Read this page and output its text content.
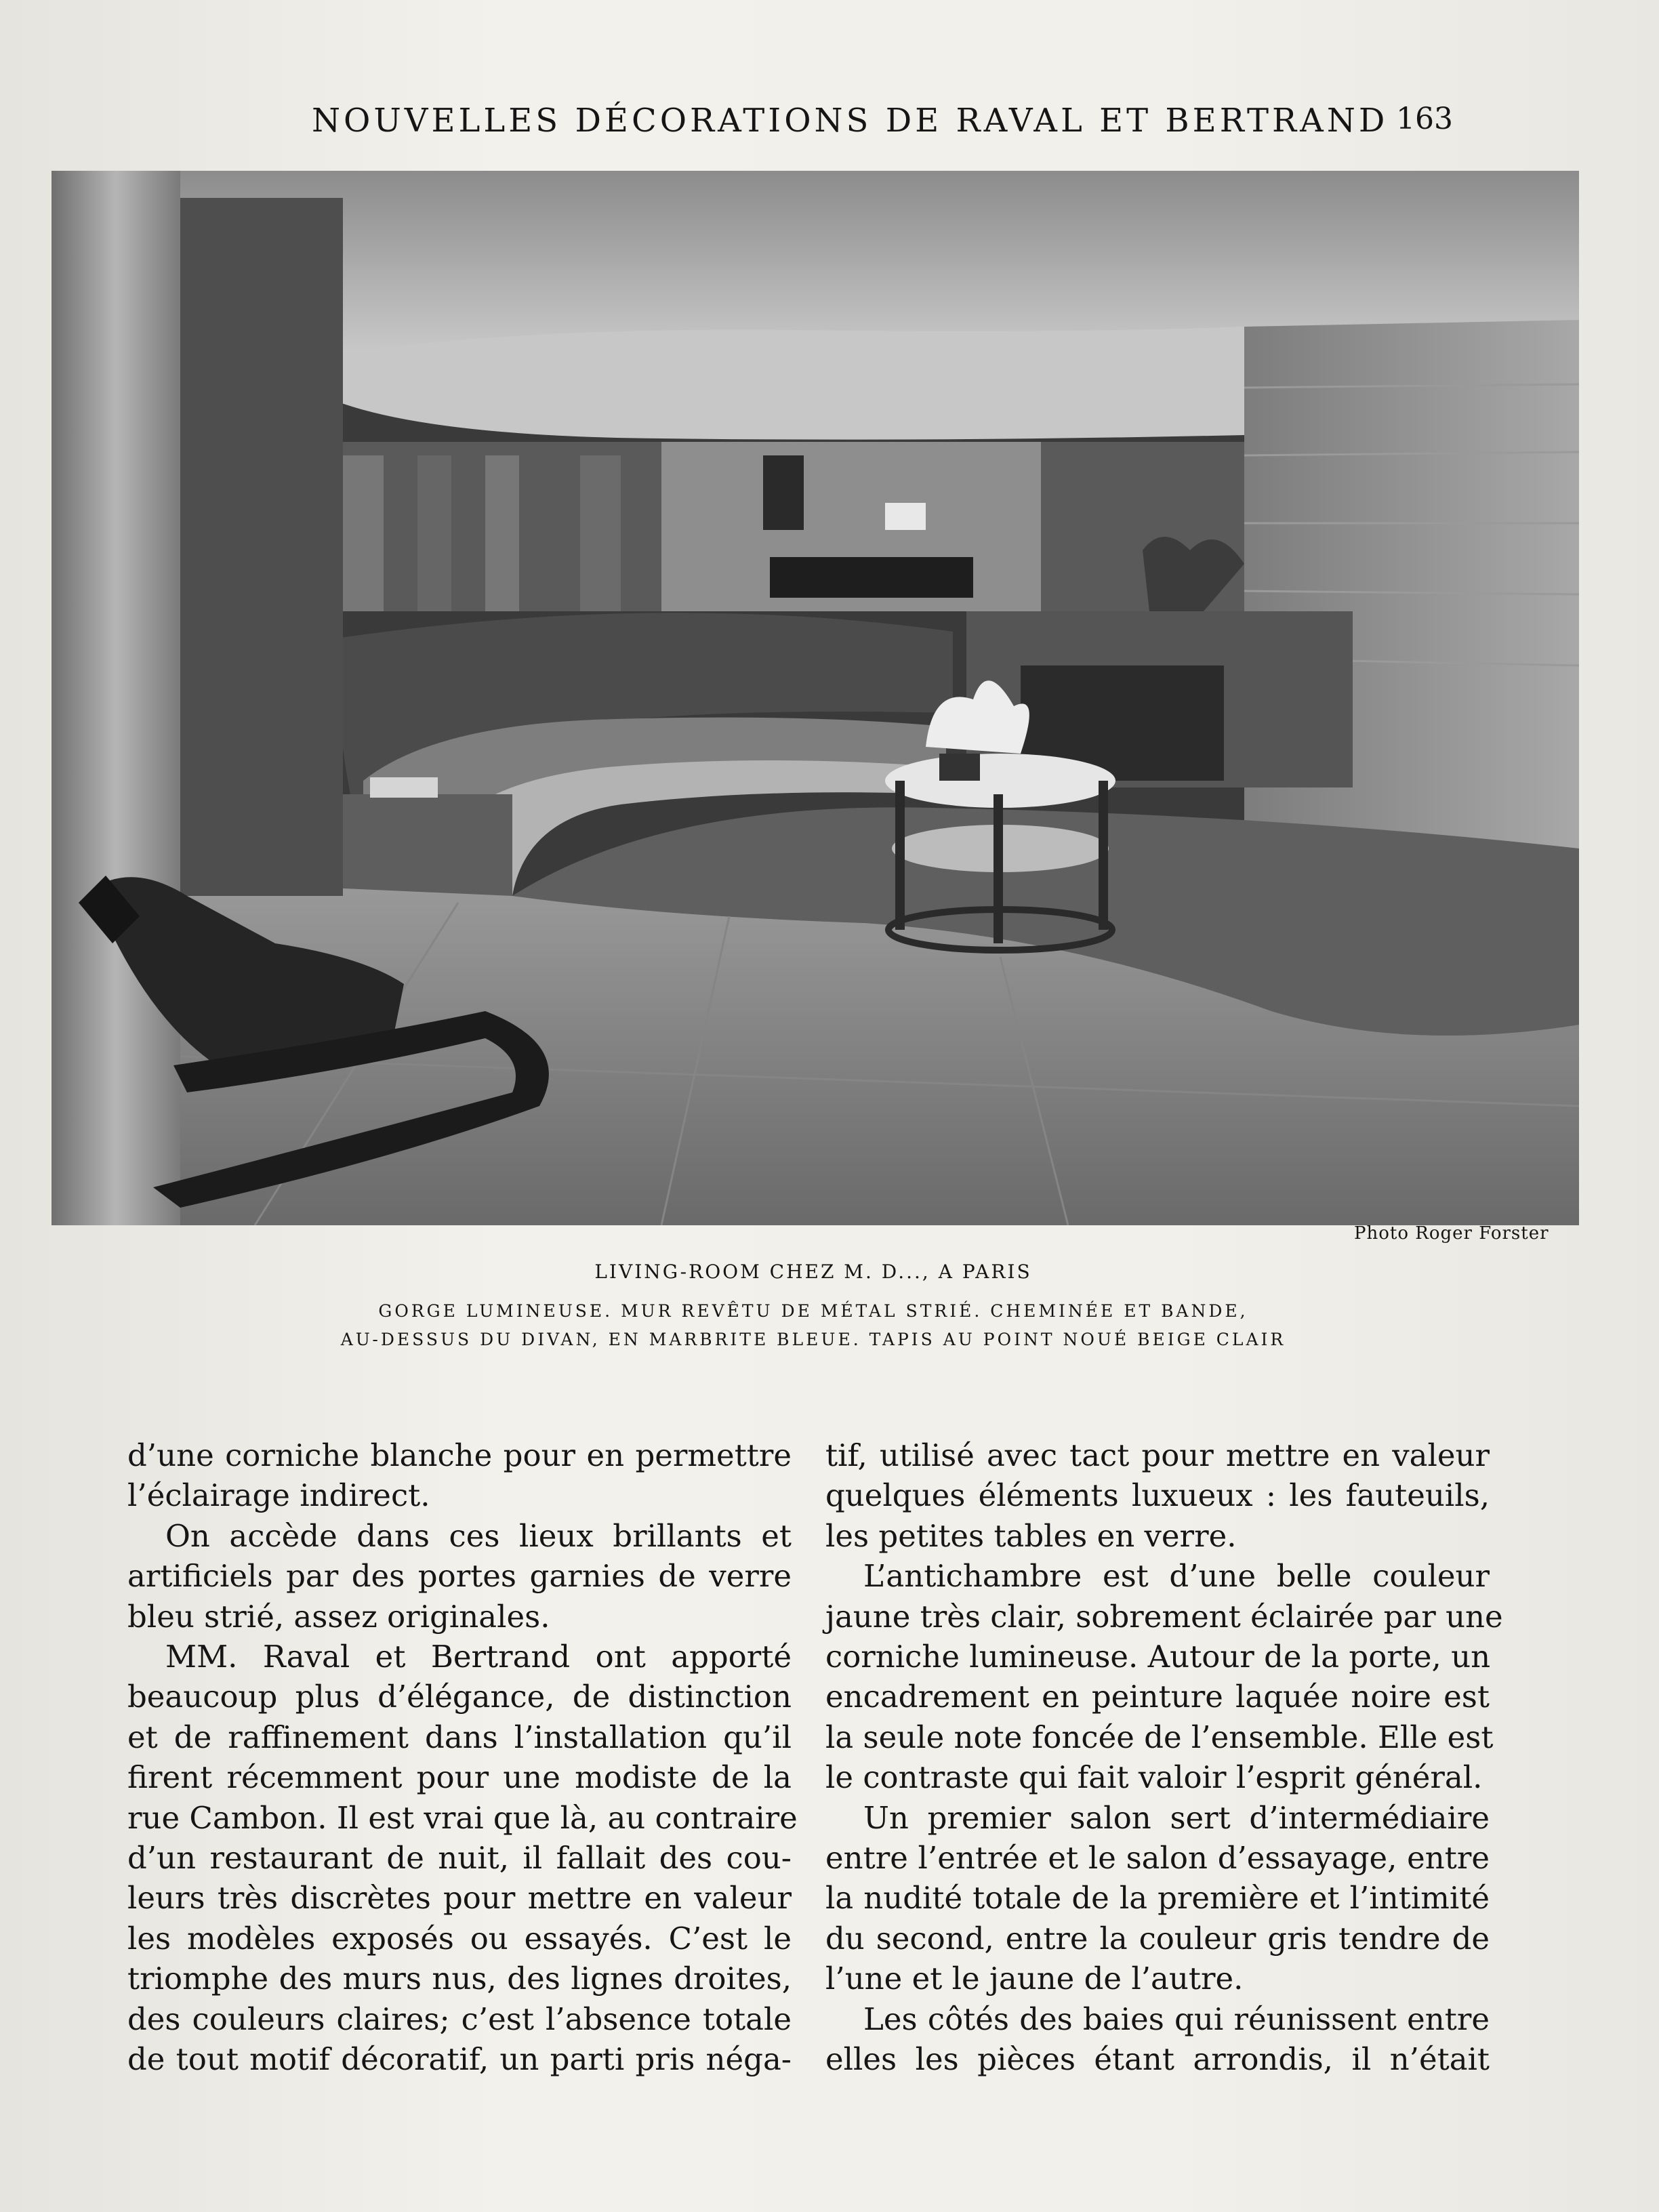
NOUVELLES DÉCORATIONS DE RAVAL ET BERTRAND 163
Photo Roger Forster
LIVING-ROOM CHEZ M. D..., A PARIS
GORGE LUMINEUSE. MUR REVÊTU DE MÉTAL STRIÉ. CHEMINÉE ET BANDE,
AU-DESSUS DU DIVAN, EN MARBRITE BLEUE. TAPIS AU POINT NOUÉ BEIGE CLAIR
d’une corniche blanche pour en permettre
l’éclairage indirect.
On accède dans ces lieux brillants et
artificiels par des portes garnies de verre
bleu strié, assez originales.
MM. Raval et Bertrand ont apporté
beaucoup plus d’élégance, de distinction
et de raffinement dans l’installation qu’il
firent récemment pour une modiste de la
rue Cambon. Il est vrai que là, au contraire
d’un restaurant de nuit, il fallait des cou-
leurs très discrètes pour mettre en valeur
les modèles exposés ou essayés. C’est le
triomphe des murs nus, des lignes droites,
des couleurs claires; c’est l’absence totale
de tout motif décoratif, un parti pris néga-
tif, utilisé avec tact pour mettre en valeur
quelques éléments luxueux : les fauteuils,
les petites tables en verre.
L’antichambre est d’une belle couleur
jaune très clair, sobrement éclairée par une
corniche lumineuse. Autour de la porte, un
encadrement en peinture laquée noire est
la seule note foncée de l’ensemble. Elle est
le contraste qui fait valoir l’esprit général.
Un premier salon sert d’intermédiaire
entre l’entrée et le salon d’essayage, entre
la nudité totale de la première et l’intimité
du second, entre la couleur gris tendre de
l’une et le jaune de l’autre.
Les côtés des baies qui réunissent entre
elles les pièces étant arrondis, il n’était
